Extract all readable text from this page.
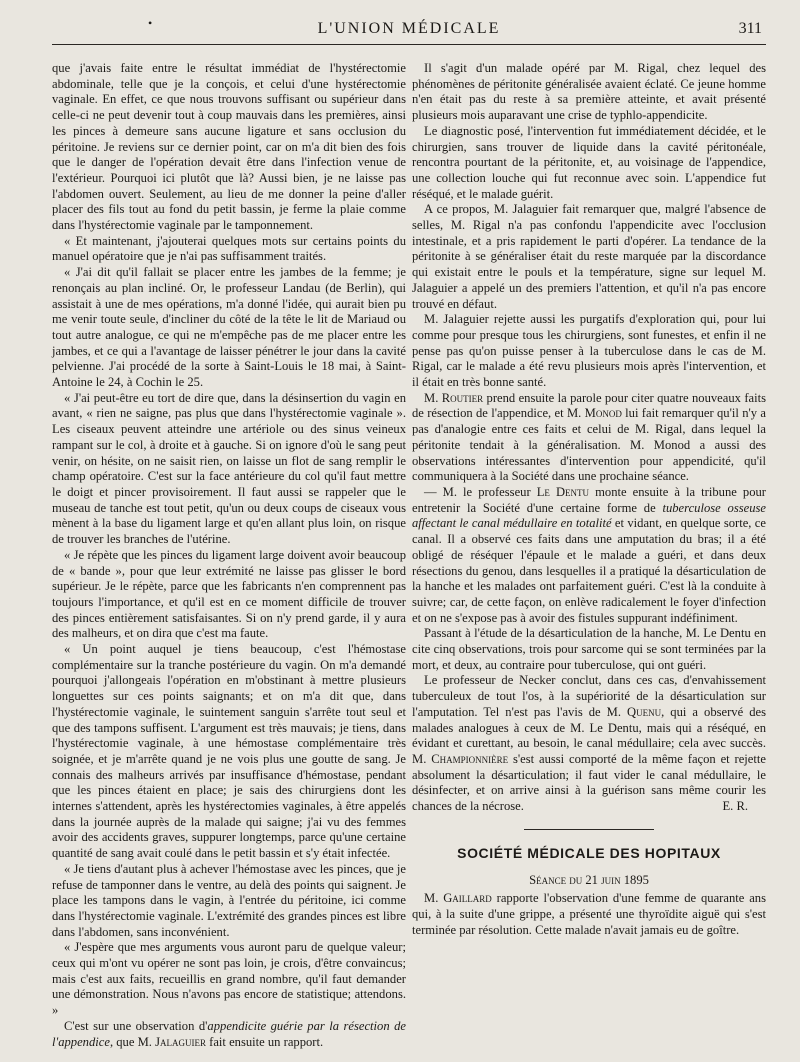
•	L'UNION MÉDICALE	311

que j'avais faite entre le résultat immédiat de l'hystérectomie abdominale, telle que je la conçois, et celui d'une hystérectomie vaginale. En effet, ce que nous trouvons suffisant ou supérieur dans celle-ci ne peut devenir tout à coup mauvais dans les premières, ainsi les pinces à demeure sans aucune ligature et sans occlusion du péritoine. Je reviens sur ce dernier point, car on m'a dit bien des fois que le danger de l'opération devait être dans l'infection venue de l'extérieur. Pourquoi ici plutôt que là? Aussi bien, je ne laisse pas l'abdomen ouvert. Seulement, au lieu de me donner la peine d'aller placer des fils tout au fond du petit bassin, je ferme la plaie comme dans l'hystérectomie vaginale par le tamponnement.

« Et maintenant, j'ajouterai quelques mots sur certains points du manuel opératoire que je n'ai pas suffisamment traités.

« J'ai dit qu'il fallait se placer entre les jambes de la femme; je renonçais au plan incliné. Or, le professeur Landau (de Berlin), qui assistait à une de mes opérations, m'a donné l'idée, qui aurait bien pu me venir toute seule, d'incliner du côté de la tête le lit de Mariaud ou tout autre analogue, ce qui ne m'empêche pas de me placer entre les jambes, et ce qui a l'avantage de laisser pénétrer le jour dans la cavité pelvienne. J'ai procédé de la sorte à Saint-Louis le 18 mai, à Saint-Antoine le 24, à Cochin le 25.

« J'ai peut-être eu tort de dire que, dans la désinsertion du vagin en avant, « rien ne saigne, pas plus que dans l'hystérectomie vaginale ». Les ciseaux peuvent atteindre une artériole ou des sinus veineux rampant sur le col, à droite et à gauche. Si on ignore d'où le sang peut venir, on hésite, on ne saisit rien, on laisse un flot de sang remplir le champ opératoire. C'est sur la face antérieure du col qu'il faut mettre le doigt et pincer provisoirement. Il faut aussi se rappeler que le museau de tanche est tout petit, qu'un ou deux coups de ciseaux vous mènent à la base du ligament large et qu'en allant plus loin, on risque de trouver les branches de l'utérine.

« Je répète que les pinces du ligament large doivent avoir beaucoup de « bande », pour que leur extrémité ne laisse pas glisser le bord supérieur. Je le répète, parce que les fabricants n'en comprennent pas toujours l'importance, et qu'il est en ce moment difficile de trouver des pinces entièrement satisfaisantes. Si on n'y prend garde, il y aura des malheurs, et on dira que c'est ma faute.

« Un point auquel je tiens beaucoup, c'est l'hémostase complémentaire sur la tranche postérieure du vagin. On m'a demandé pourquoi j'allongeais l'opération en m'obstinant à mettre plusieurs longuettes sur ces points saignants; et on m'a dit que, dans l'hystérectomie vaginale, le suintement sanguin s'arrête tout seul et que des tampons suffisent. L'argument est très mauvais; je tiens, dans l'hystérectomie vaginale, à une hémostase complémentaire très soignée, et je m'arrête quand je ne vois plus une goutte de sang. Je connais des malheurs arrivés par insuffisance d'hémostase, pendant que les pinces étaient en place; je sais des chirurgiens dont les internes s'attendent, après les hystérectomies vaginales, à être appelés dans la journée auprès de la malade qui saigne; j'ai vu des femmes avoir des accidents graves, suppurer longtemps, parce qu'une certaine quantité de sang avait coulé dans le petit bassin et s'y était infectée.

« Je tiens d'autant plus à achever l'hémostase avec les pinces, que je refuse de tamponner dans le ventre, au delà des points qui saignent. Je place les tampons dans le vagin, à l'entrée du péritoine, ici comme dans l'hystérectomie vaginale. L'extrémité des grandes pinces est libre dans l'abdomen, sans inconvénient.

« J'espère que mes arguments vous auront paru de quelque valeur; ceux qui m'ont vu opérer ne sont pas loin, je crois, d'être convaincus; mais c'est aux faits, recueillis en grand nombre, qu'il faut demander une démonstration. Nous n'avons pas encore de statistique; attendons. »

C'est sur une observation d'appendicite guérie par la résection de l'appendice, que M. Jalaguier fait ensuite un rapport.

Il s'agit d'un malade opéré par M. Rigal, chez lequel des phénomènes de péritonite généralisée avaient éclaté. Ce jeune homme n'en était pas du reste à sa première atteinte, et avait présenté plusieurs mois auparavant une crise de typhlo-appendicite.

Le diagnostic posé, l'intervention fut immédiatement décidée, et le chirurgien, sans trouver de liquide dans la cavité péritonéale, rencontra pourtant de la péritonite, et, au voisinage de l'appendice, une collection louche qui fut reconnue avec soin. L'appendice fut réséqué, et le malade guérit.

A ce propos, M. Jalaguier fait remarquer que, malgré l'absence de selles, M. Rigal n'a pas confondu l'appendicite avec l'occlusion intestinale, et a pris rapidement le parti d'opérer. La tendance de la péritonite à se généraliser était du reste marquée par la discordance qui existait entre le pouls et la température, signe sur lequel M. Jalaguier a appelé un des premiers l'attention, et qu'il n'a pas encore trouvé en défaut.

M. Jalaguier rejette aussi les purgatifs d'exploration qui, pour lui comme pour presque tous les chirurgiens, sont funestes, et enfin il ne pense pas qu'on puisse penser à la tuberculose dans le cas de M. Rigal, car le malade a été revu plusieurs mois après l'intervention, et il était en très bonne santé.

M. Routier prend ensuite la parole pour citer quatre nouveaux faits de résection de l'appendice, et M. Monod lui fait remarquer qu'il n'y a pas d'analogie entre ces faits et celui de M. Rigal, dans lequel la péritonite tendait à la généralisation. M. Monod a aussi des observations intéressantes d'intervention pour appendicité, qu'il communiquera à la Société dans une prochaine séance.

— M. le professeur Le Dentu monte ensuite à la tribune pour entretenir la Société d'une certaine forme de tuberculose osseuse affectant le canal médullaire en totalité et vidant, en quelque sorte, ce canal. Il a observé ces faits dans une amputation du bras; il a été obligé de réséquer l'épaule et le malade a guéri, et dans deux résections du genou, dans lesquelles il a pratiqué la désarticulation de la hanche et les malades ont parfaitement guéri. C'est là la conduite à suivre; car, de cette façon, on enlève radicalement le foyer d'infection et on ne s'expose pas à avoir des fistules suppurant indéfiniment.

Passant à l'étude de la désarticulation de la hanche, M. Le Dentu en cite cinq observations, trois pour sarcome qui se sont terminées par la mort, et deux, au contraire pour tuberculose, qui ont guéri.

Le professeur de Necker conclut, dans ces cas, d'envahissement tuberculeux de tout l'os, à la supériorité de la désarticulation sur l'amputation. Tel n'est pas l'avis de M. Quenu, qui a observé des malades analogues à ceux de M. Le Dentu, mais qui a réséqué, en évidant et curettant, au besoin, le canal médullaire; cela avec succès. M. Championnière s'est aussi comporté de la même façon et rejette absolument la désarticulation; il faut vider le canal médullaire, le désinfecter, et on arrive ainsi à la guérison sans même courir les chances de la nécrose.	E. R.

SOCIÉTÉ MÉDICALE DES HOPITAUX
Séance du 21 juin 1895

M. Gaillard rapporte l'observation d'une femme de quarante ans qui, à la suite d'une grippe, a présenté une thyroïdite aiguë qui s'est terminée par résolution. Cette malade n'avait jamais eu de goître.
